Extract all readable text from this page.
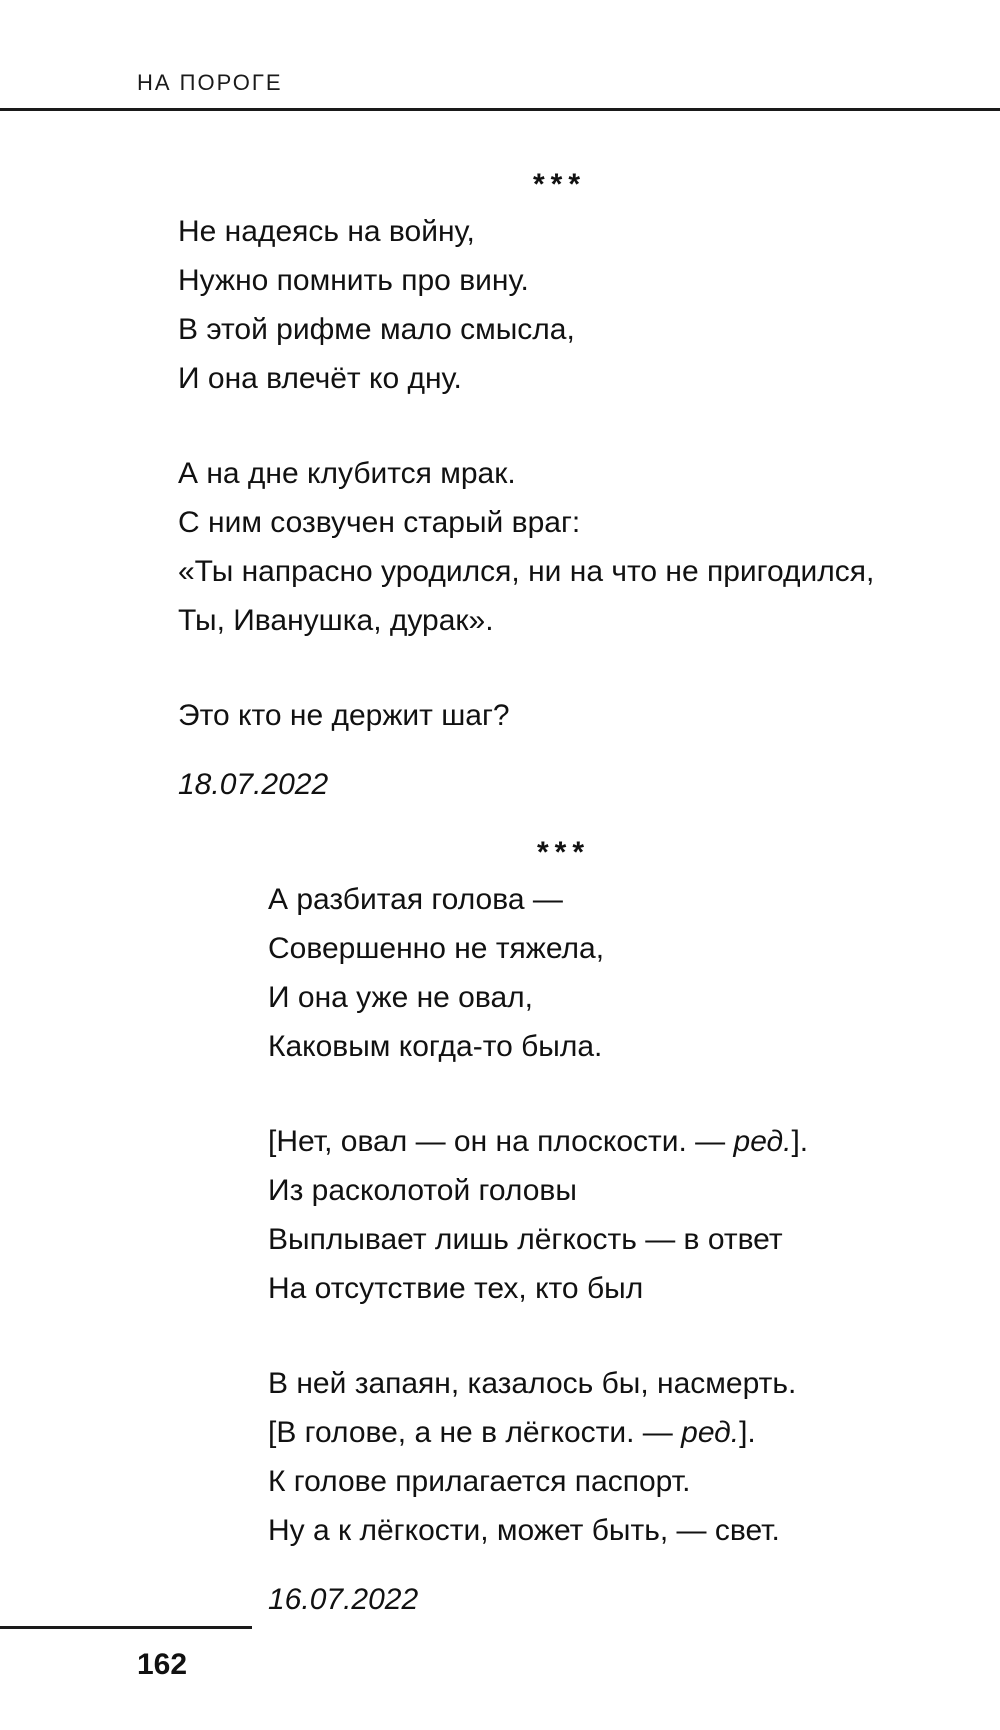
НА ПОРОГЕ
***

Не надеясь на войну,
Нужно помнить про вину.
В этой рифме мало смысла,
И она влечёт ко дну.

А на дне клубится мрак.
С ним созвучен старый враг:
«Ты напрасно уродился, ни на что не пригодился,
Ты, Иванушка, дурак».

Это кто не держит шаг?

18.07.2022
***

А разбитая голова —
Совершенно не тяжела,
И она уже не овал,
Каковым когда-то была.

[Нет, овал — он на плоскости. — ред.].
Из расколотой головы
Выплывает лишь лёгкость — в ответ
На отсутствие тех, кто был

В ней запаян, казалось бы, насмерть.
[В голове, а не в лёгкости. — ред.].
К голове прилагается паспорт.
Ну а к лёгкости, может быть, — свет.

16.07.2022
162
